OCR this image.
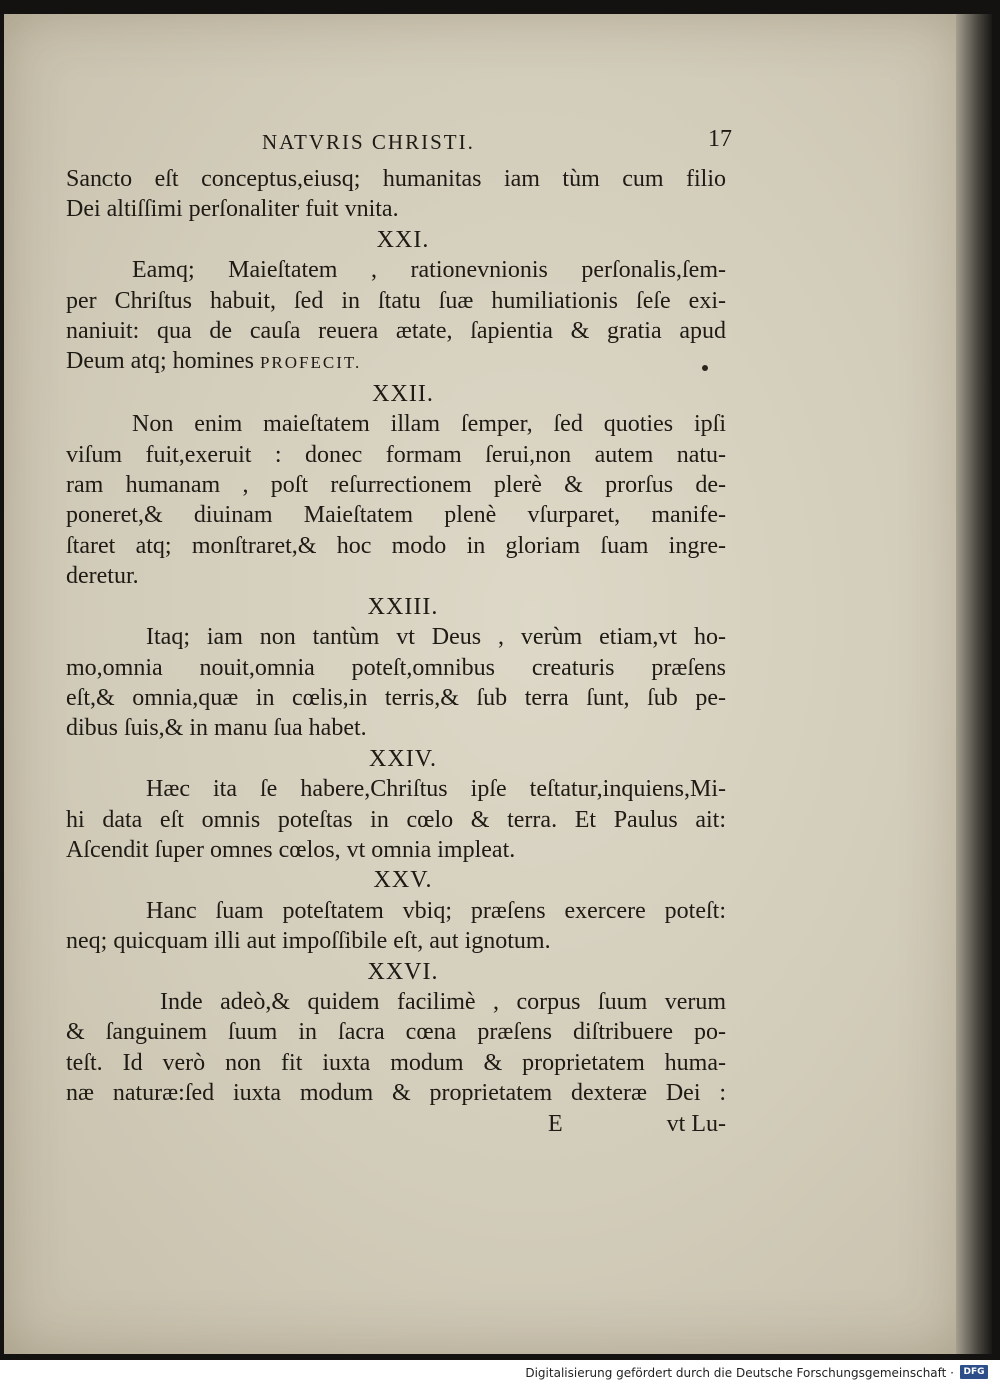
NATVRIS CHRISTI.	17
Sanᴄto eſt conceptus,eiusq; humanitas iam tùm cum filio
Dei altiſſimi perſonaliter fuit vnita.
XXI.
Eamq; Maieſtatem , rationevnionis perſonalis,ſem-
per Chriſtus habuit, ſed in ſtatu ſuæ humiliationis ſeſe exi-
naniuit: qua de cauſa reuera ætate, ſapientia & gratia apud
Deum atq; homines PROFECIT.
XXII.
Non enim maieſtatem illam ſemper, ſed quoties ipſi
viſum fuit,exeruit : donec formam ſerui,non autem natu-
ram humanam , poſt reſurrectionem plerè & prorſus de-
poneret,& diuinam Maieſtatem plenè vſurparet, manife-
ſtaret atq; monſtraret,& hoc modo in gloriam ſuam ingre-
deretur.
XXIII.
Itaq; iam non tantùm vt Deus , verùm etiam,vt ho-
mo,omnia nouit,omnia poteſt,omnibus creaturis præſens
eſt,& omnia,quæ in cœlis,in terris,& ſub terra ſunt, ſub pe-
dibus ſuis,& in manu ſua habet.
XXIV.
Hæc ita ſe habere,Chriſtus ipſe teſtatur,inquiens,Mi-
hi data eſt omnis poteſtas in cœlo & terra. Et Paulus ait:
Aſcendit ſuper omnes cœlos, vt omnia impleat.
XXV.
Hanc ſuam poteſtatem vbiq; præſens exercere poteſt:
neq; quicquam illi aut impoſſibile eſt, aut ignotum.
XXVI.
Inde adeò,& quidem facilimè , corpus ſuum verum
& ſanguinem ſuum in ſacra cœna præſens diſtribuere po-
teſt. Id verò non fit iuxta modum & proprietatem huma-
næ naturæ:ſed iuxta modum & proprietatem dexteræ Dei :
E	vt Lu-
Digitalisierung gefördert durch die Deutsche Forschungsgemeinschaft ·	DFG
